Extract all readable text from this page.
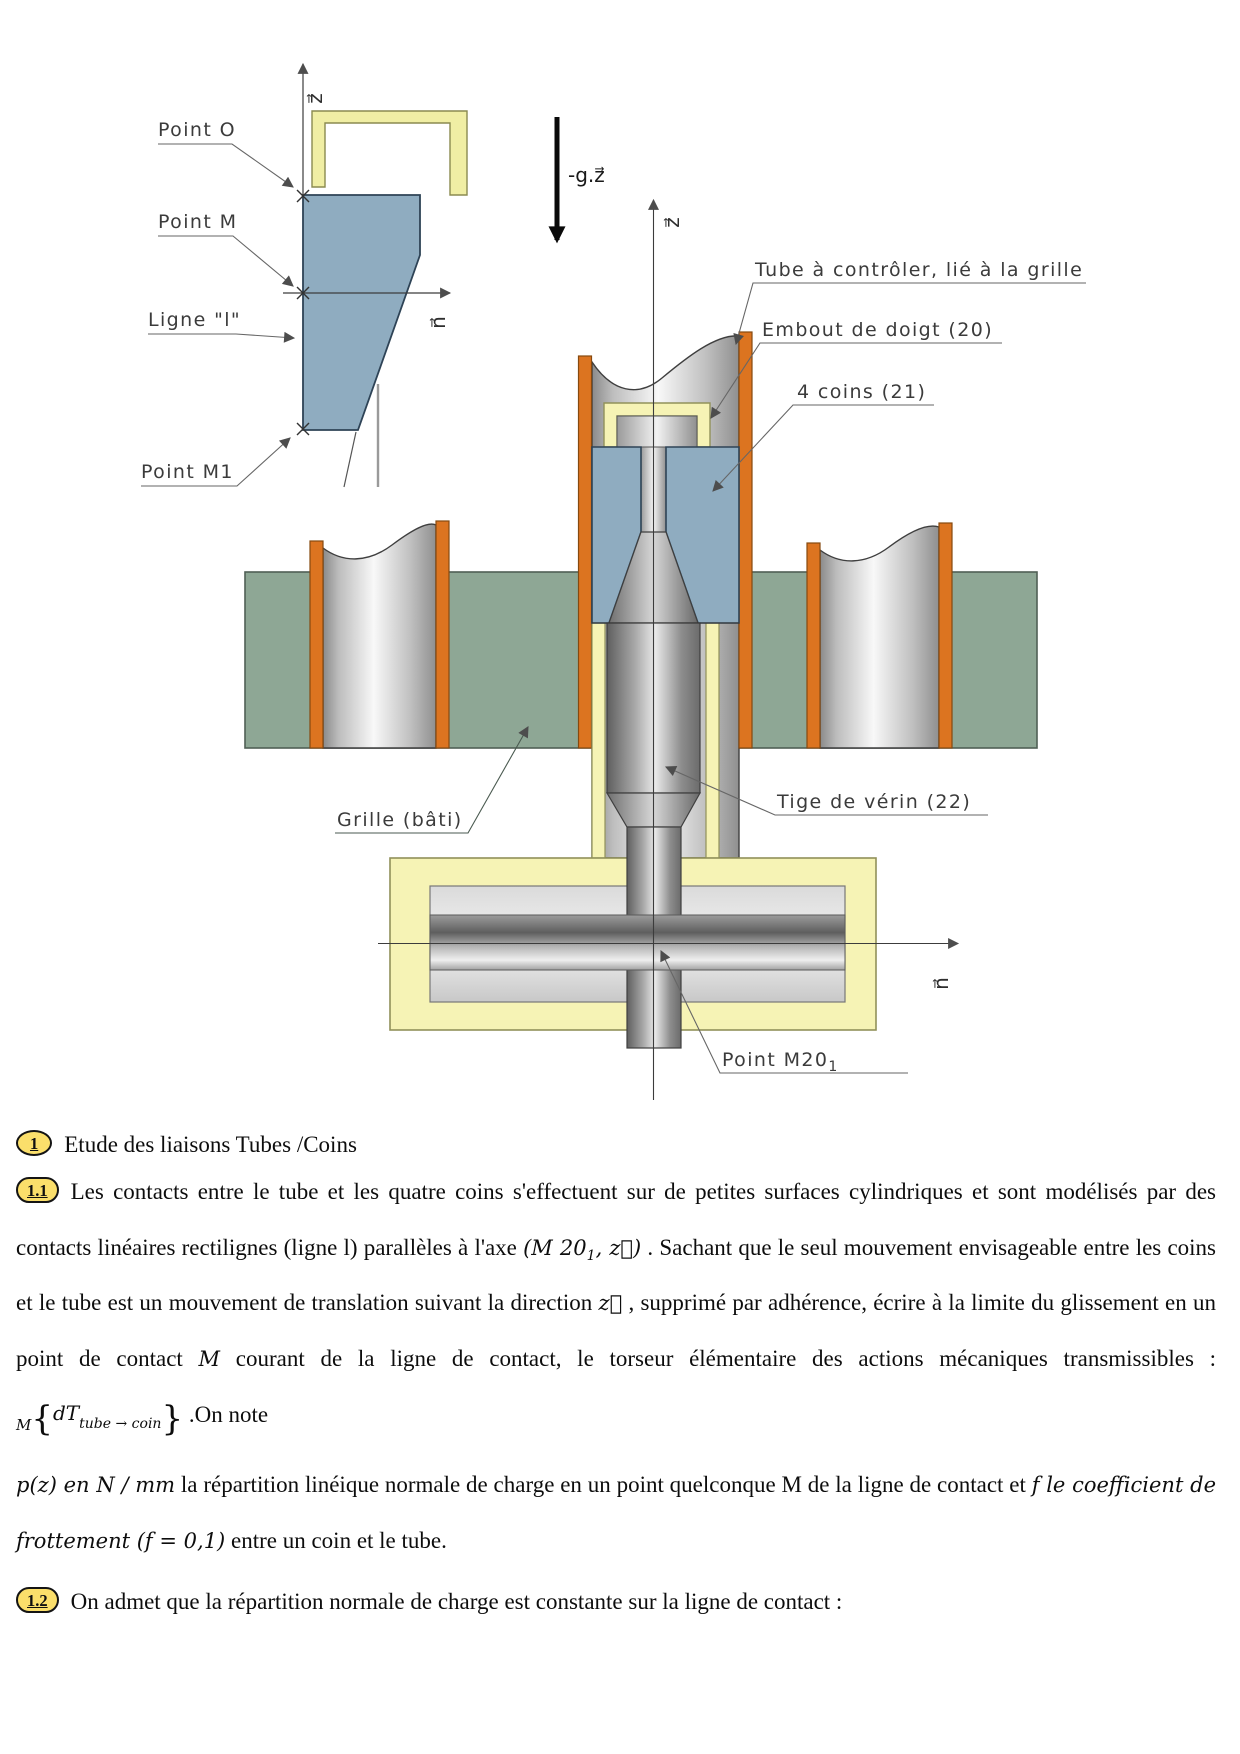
z⃗
n⃗
Point O
Point M
Ligne "l"
Point M1
-g.z⃗
z⃗
n⃗
Tube à contrôler, lié à la grille
Embout de doigt (20)
4 coins (21)
Grille (bâti)
Tige de vérin (22)
Point $M20_1$
1 Etude des liaisons Tubes /Coins
1.1 Les contacts entre le tube et les quatre coins s'effectuent sur de petites surfaces cylindriques et sont modélisés par des contacts linéaires rectilignes (ligne l) parallèles à l'axe (M $20_1$, z⃗) . Sachant que le seul mouvement envisageable entre les coins et le tube est un mouvement de translation suivant la direction z⃗ , supprimé par adhérence, écrire à la limite du glissement en un point de contact M courant de la ligne de contact, le torseur élémentaire des actions mécaniques transmissibles : $_M\{dT_{tube \to coin}\}$ .On note
p(z) en N / mm la répartition linéique normale de charge en un point quelconque M de la ligne de contact et f le coefficient de frottement (f = 0,1) entre un coin et le tube.
1.2 On admet que la répartition normale de charge est constante sur la ligne de contact :
